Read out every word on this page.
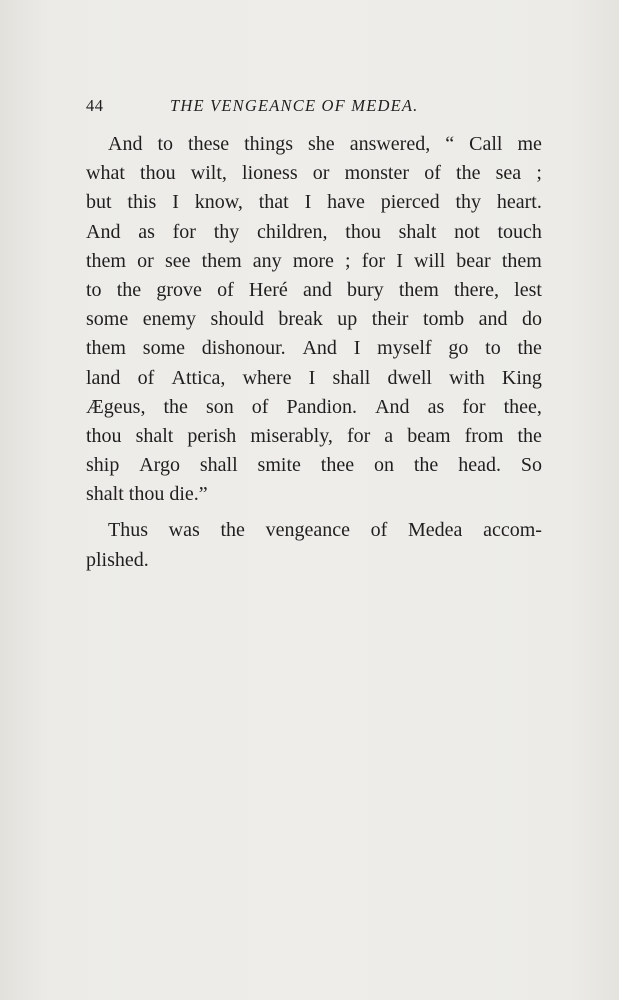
44	THE VENGEANCE OF MEDEA.
And to these things she answered, “ Call me
what thou wilt, lioness or monster of the sea ;
but this I know, that I have pierced thy heart.
And as for thy children, thou shalt not touch
them or see them any more ; for I will bear them
to the grove of Heré and bury them there, lest
some enemy should break up their tomb and do
them some dishonour. And I myself go to the
land of Attica, where I shall dwell with King
Ægeus, the son of Pandion. And as for thee,
thou shalt perish miserably, for a beam from the
ship Argo shall smite thee on the head. So
shalt thou die.”
Thus was the vengeance of Medea accom-
plished.
